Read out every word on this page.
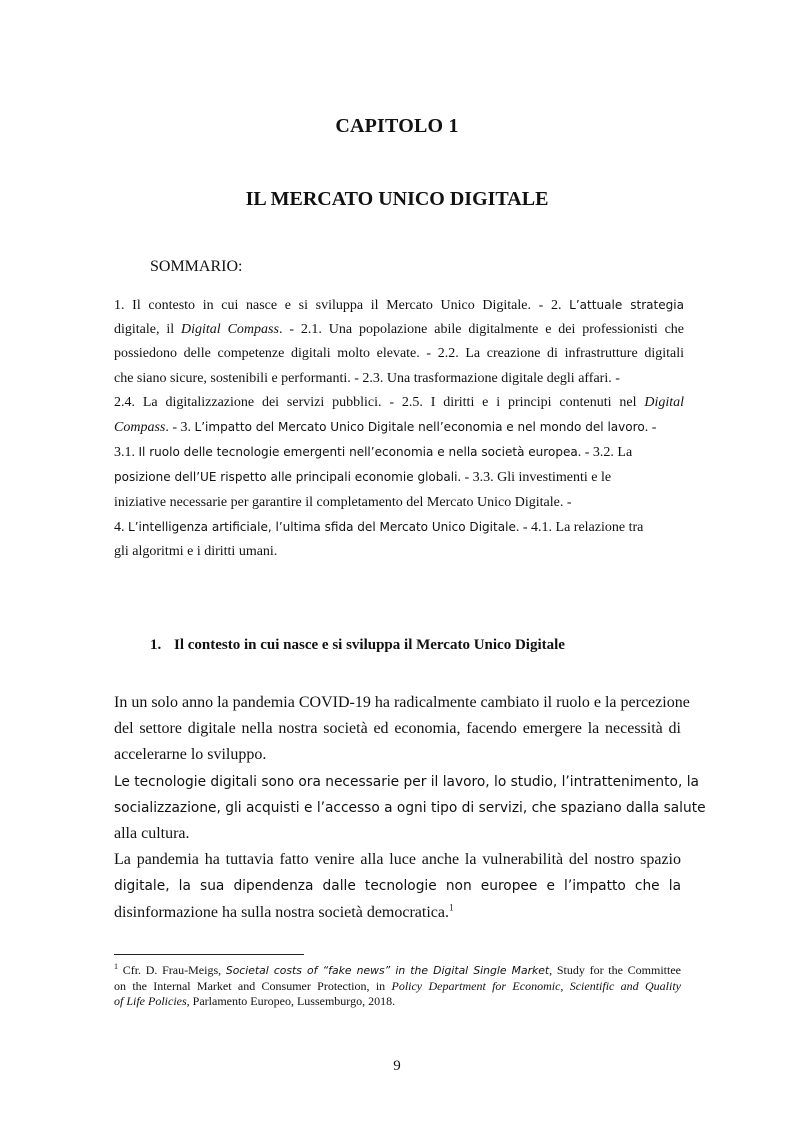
CAPITOLO 1
IL MERCATO UNICO DIGITALE
SOMMARIO:
1. Il contesto in cui nasce e si sviluppa il Mercato Unico Digitale. - 2. L’attuale strategia
digitale, il Digital Compass. - 2.1. Una popolazione abile digitalmente e dei professionisti che
possiedono delle competenze digitali molto elevate. - 2.2. La creazione di infrastrutture digitali
che siano sicure, sostenibili e performanti. - 2.3. Una trasformazione digitale degli affari. -
2.4. La digitalizzazione dei servizi pubblici. - 2.5. I diritti e i principi contenuti nel Digital
Compass. - 3. L’impatto del Mercato Unico Digitale nell’economia e nel mondo del lavoro. -
3.1. Il ruolo delle tecnologie emergenti nell’economia e nella società europea. - 3.2. La
posizione dell’UE rispetto alle principali economie globali. - 3.3. Gli investimenti e le
iniziative necessarie per garantire il completamento del Mercato Unico Digitale. -
4. L’intelligenza artificiale, l’ultima sfida del Mercato Unico Digitale. - 4.1. La relazione tra
gli algoritmi e i diritti umani.
1. Il contesto in cui nasce e si sviluppa il Mercato Unico Digitale
In un solo anno la pandemia COVID-19 ha radicalmente cambiato il ruolo e la percezione
del settore digitale nella nostra società ed economia, facendo emergere la necessità di
accelerarne lo sviluppo.
Le tecnologie digitali sono ora necessarie per il lavoro, lo studio, l’intrattenimento, la
socializzazione, gli acquisti e l’accesso a ogni tipo di servizi, che spaziano dalla salute
alla cultura.
La pandemia ha tuttavia fatto venire alla luce anche la vulnerabilità del nostro spazio
digitale, la sua dipendenza dalle tecnologie non europee e l’impatto che la
disinformazione ha sulla nostra società democratica.$^1$
$^1$ Cfr. D. Frau-Meigs, Societal costs of “fake news” in the Digital Single Market, Study for the Committee
on the Internal Market and Consumer Protection, in Policy Department for Economic, Scientific and Quality
of Life Policies, Parlamento Europeo, Lussemburgo, 2018.
9
